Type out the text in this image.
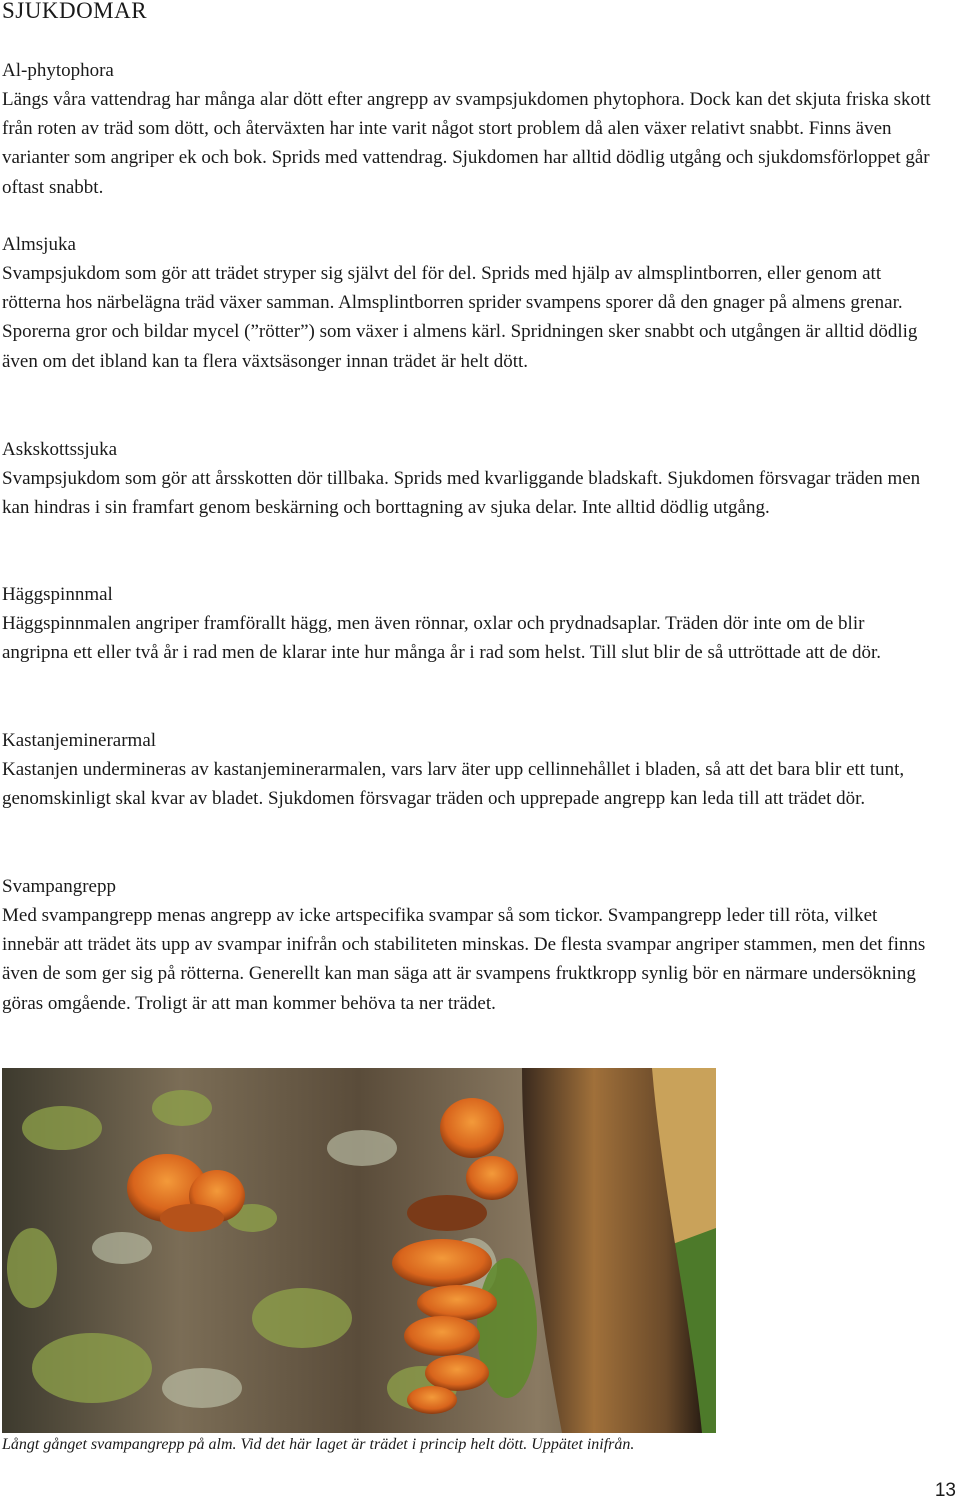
SJUKDOMAR
Al-phytophora
Längs våra vattendrag har många alar dött efter angrepp av svampsjukdomen phytophora. Dock kan det skjuta friska skott från roten av träd som dött, och återväxten har inte varit något stort problem då alen växer relativt snabbt. Finns även varianter som angriper ek och bok. Sprids med vattendrag. Sjukdomen har alltid dödlig utgång och sjukdomsförloppet går oftast snabbt.
Almsjuka
Svampsjukdom som gör att trädet stryper sig självt del för del. Sprids med hjälp av almsplintborren, eller genom att rötterna hos närbelägna träd växer samman. Almsplintborren sprider svampens sporer då den gnager på almens grenar. Sporerna gror och bildar mycel (”rötter”) som växer i almens kärl. Spridningen sker snabbt och utgången är alltid dödlig även om det ibland kan ta flera växtsäsonger innan trädet är helt dött.
Askskottssjuka
Svampsjukdom som gör att årsskotten dör tillbaka. Sprids med kvarliggande bladskaft. Sjukdomen försvagar träden men kan hindras i sin framfart genom beskärning och borttagning av sjuka delar. Inte alltid dödlig utgång.
Häggspinnmal
Häggspinnmalen angriper framförallt hägg, men även rönnar, oxlar och prydnadsaplar. Träden dör inte om de blir angripna ett eller två år i rad men de klarar inte hur många år i rad som helst. Till slut blir de så uttröttade att de dör.
Kastanjeminerarmal
Kastanjen undermineras av kastanjeminerarmalen, vars larv äter upp cellinnehållet i bladen, så att det bara blir ett tunt, genomskinligt skal kvar av bladet. Sjukdomen försvagar träden och upprepade angrepp kan leda till att trädet dör.
Svampangrepp
Med svampangrepp menas angrepp av icke artspecifika svampar så som tickor. Svampangrepp leder till röta, vilket innebär att trädet äts upp av svampar inifrån och stabiliteten minskas. De flesta svampar angriper stammen, men det finns även de som ger sig på rötterna. Generellt kan man säga att är svampens fruktkropp synlig bör en närmare undersökning göras omgående. Troligt är att man kommer behöva ta ner trädet.
Långt gånget svampangrepp på alm. Vid det här laget är trädet i princip helt dött. Uppätet inifrån.
13
